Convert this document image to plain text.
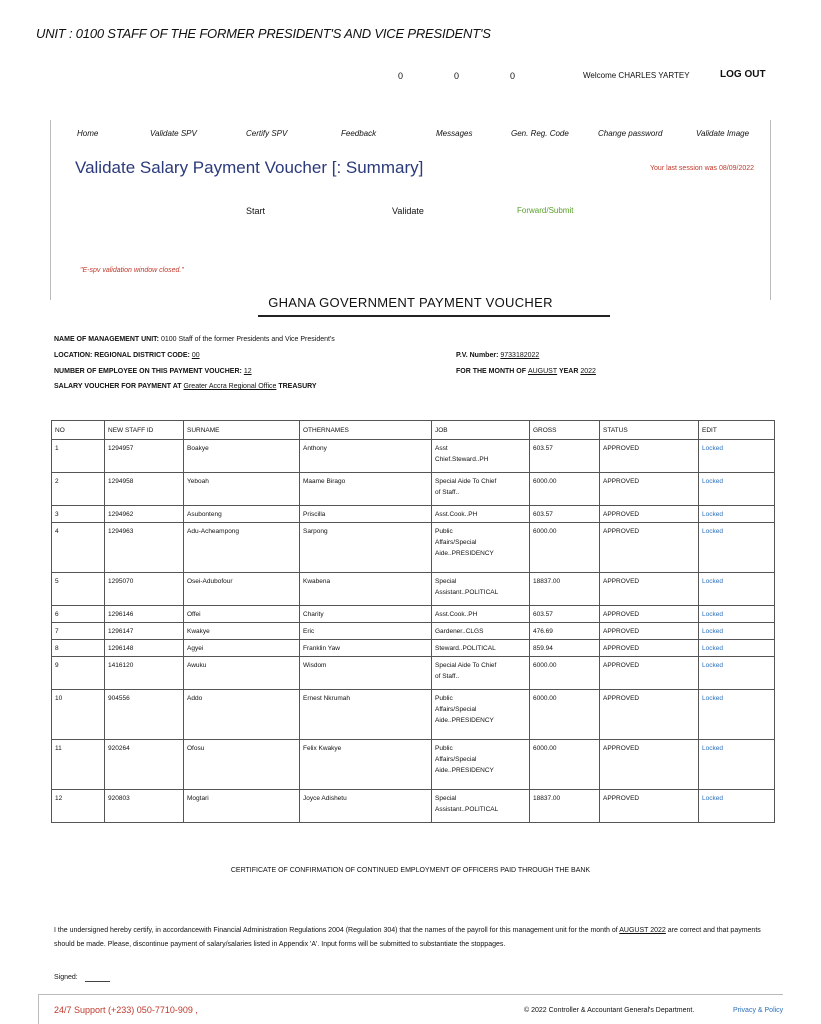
UNIT : 0100 STAFF OF THE FORMER PRESIDENT'S AND VICE PRESIDENT'S
0	0	0	Welcome CHARLES YARTEY	LOG OUT
Home	Validate SPV	Certify SPV	Feedback	Messages	Gen. Reg. Code	Change password	Validate Image
Validate Salary Payment Voucher [: Summary]	Your last session was 08/09/2022
Start	Validate	Forward/Submit
"E-spv validation window closed."
GHANA GOVERNMENT PAYMENT VOUCHER
NAME OF MANAGEMENT UNIT: 0100 Staff of the former Presidents and Vice President's
LOCATION: REGIONAL DISTRICT CODE: 00
NUMBER OF EMPLOYEE ON THIS PAYMENT VOUCHER: 12
SALARY VOUCHER FOR PAYMENT AT Greater Accra Regional Office TREASURY
P.V. Number: 9733182022
FOR THE MONTH OF AUGUST YEAR 2022
NO	NEW STAFF ID	SURNAME	OTHERNAMES	JOB	GROSS	STATUS	EDIT
1	1294957	Boakye	Anthony	Asst
Chief.Steward..PH	603.57	APPROVED	Locked
2	1294958	Yeboah	Maame Birago	Special Aide To Chief
of Staff..	6000.00	APPROVED	Locked
3	1294962	Asubonteng	Priscilla	Asst.Cook..PH	603.57	APPROVED	Locked
4	1294963	Adu-Acheampong	Sarpong	Public
Affairs/Special
Aide..PRESIDENCY	6000.00	APPROVED	Locked
5	1295070	Osei-Adubofour	Kwabena	Special
Assistant..POLITICAL	18837.00	APPROVED	Locked
6	1296146	Offei	Charity	Asst.Cook..PH	603.57	APPROVED	Locked
7	1296147	Kwakye	Eric	Gardener..CLGS	476.69	APPROVED	Locked
8	1296148	Agyei	Franklin Yaw	Steward..POLITICAL	859.94	APPROVED	Locked
9	1416120	Awuku	Wisdom	Special Aide To Chief
of Staff..	6000.00	APPROVED	Locked
10	904556	Addo	Ernest Nkrumah	Public
Affairs/Special
Aide..PRESIDENCY	6000.00	APPROVED	Locked
11	920264	Ofosu	Felix Kwakye	Public
Affairs/Special
Aide..PRESIDENCY	6000.00	APPROVED	Locked
12	920803	Mogtari	Joyce Adishetu	Special
Assistant..POLITICAL	18837.00	APPROVED	Locked
CERTIFICATE OF CONFIRMATION OF CONTINUED EMPLOYMENT OF OFFICERS PAID THROUGH THE BANK
I the undersigned hereby certify, in accordancewith Financial Administration Regulations 2004 (Regulation 304) that the names of the payroll for this management unit for the month of AUGUST 2022 are correct and that payments should be made. Please, discontinue payment of salary/salaries listed in Appendix 'A'. Input forms will be submitted to substantiate the stoppages.
Signed:
24/7 Support (+233) 050-7710-909 ,	© 2022 Controller & Accountant General's Department.	Privacy & Policy
